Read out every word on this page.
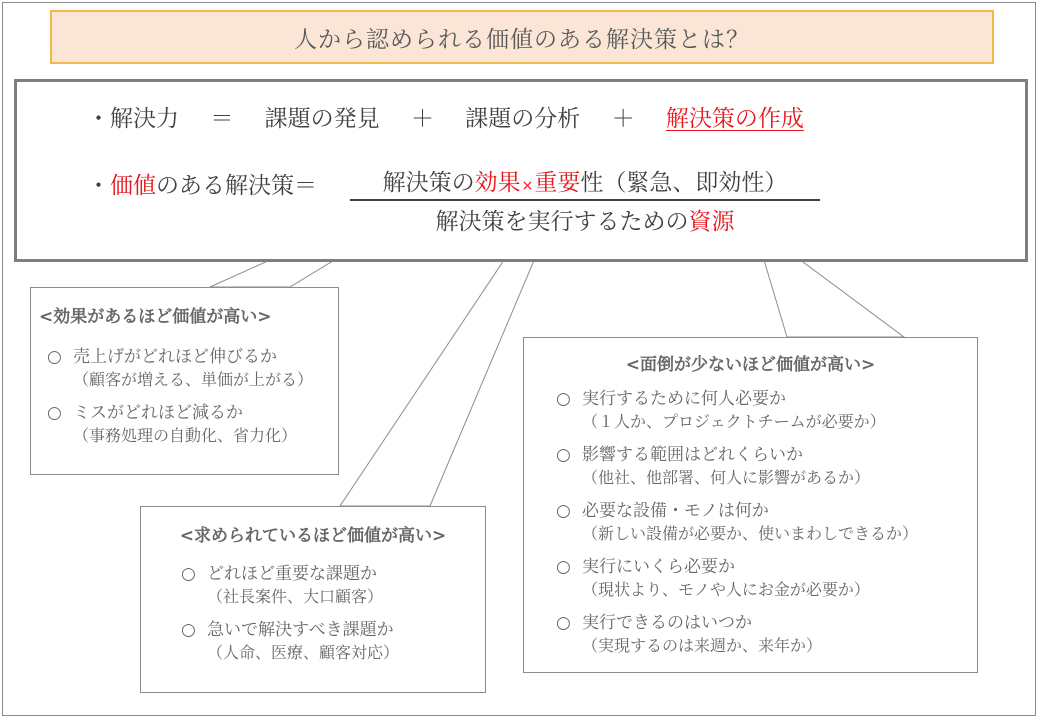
人から認められる価値のある解決策とは？
・解決力 ＝ 課題の発見 ＋ 課題の分析 ＋ 解決策の作成
・価値のある解決策＝	解決策の効果×重要性（緊急、即効性）
解決策を実行するための資源
<効果があるほど価値が高い>
○ 売上げがどれほど伸びるか
（顧客が増える、単価が上がる）
○ ミスがどれほど減るか
（事務処理の自動化、省力化）
<求められているほど価値が高い>
○ どれほど重要な課題か
（社長案件、大口顧客）
○ 急いで解決すべき課題か
（人命、医療、顧客対応）
<面倒が少ないほど価値が高い>
○ 実行するために何人必要か
（１人か、プロジェクトチームが必要か）
○ 影響する範囲はどれくらいか
（他社、他部署、何人に影響があるか）
○ 必要な設備・モノは何か
（新しい設備が必要か、使いまわしできるか）
○ 実行にいくら必要か
（現状より、モノや人にお金が必要か）
○ 実行できるのはいつか
（実現するのは来週か、来年か）
